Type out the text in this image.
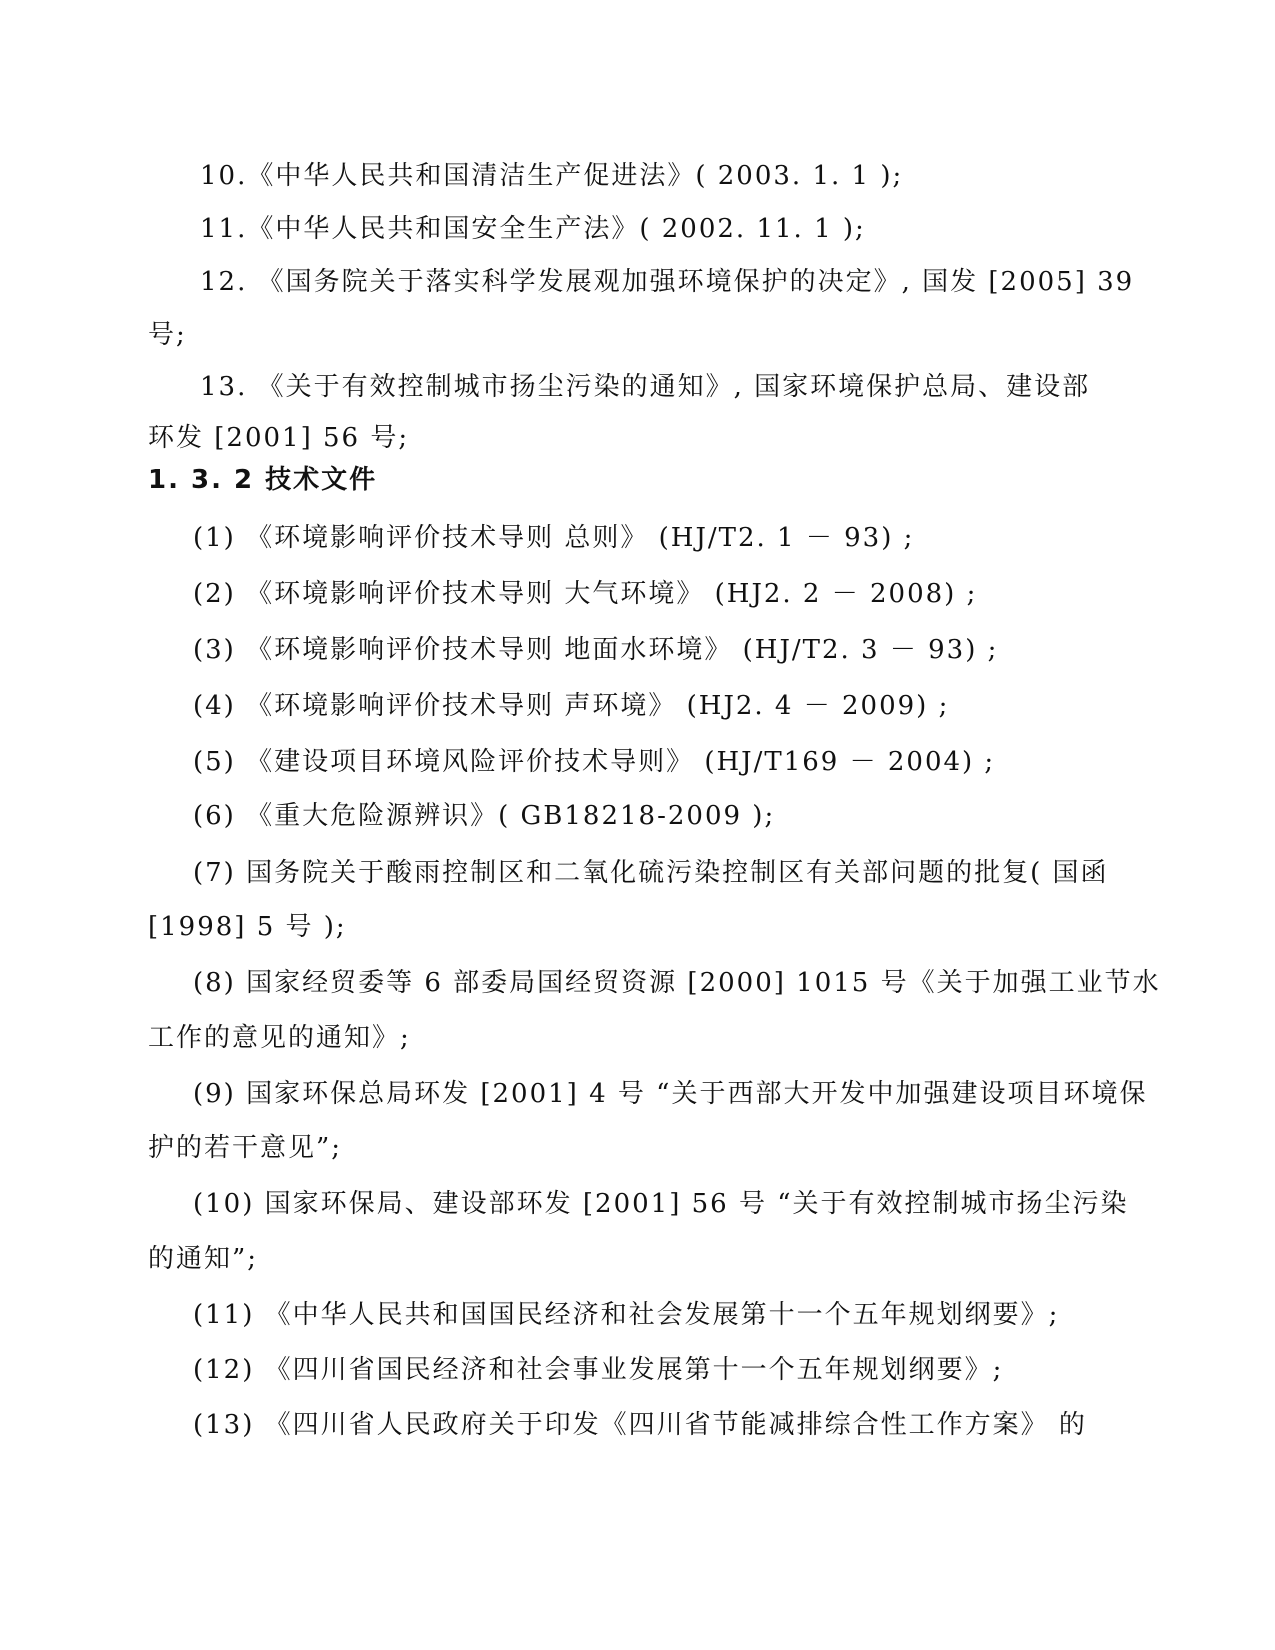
10.《中华人民共和国清洁生产促进法》( 2003. 1. 1 );
11.《中华人民共和国安全生产法》( 2002. 11. 1 );
12. 《国务院关于落实科学发展观加强环境保护的决定》, 国发 [2005] 39
号;
13. 《关于有效控制城市扬尘污染的通知》, 国家环境保护总局、建设部
环发 [2001] 56 号;
1. 3. 2 技术文件
(1) 《环境影响评价技术导则 总则》 (HJ/T2. 1 － 93) ;
(2) 《环境影响评价技术导则 大气环境》 (HJ2. 2 － 2008) ;
(3) 《环境影响评价技术导则 地面水环境》 (HJ/T2. 3 － 93) ;
(4) 《环境影响评价技术导则 声环境》 (HJ2. 4 － 2009) ;
(5) 《建设项目环境风险评价技术导则》 (HJ/T169 － 2004) ;
(6) 《重大危险源辨识》( GB18218-2009 );
(7) 国务院关于酸雨控制区和二氧化硫污染控制区有关部问题的批复( 国函
[1998] 5 号 );
(8) 国家经贸委等 6 部委局国经贸资源 [2000] 1015 号《关于加强工业节水
工作的意见的通知》;
(9) 国家环保总局环发 [2001] 4 号 “关于西部大开发中加强建设项目环境保
护的若干意见”;
(10) 国家环保局、建设部环发 [2001] 56 号 “关于有效控制城市扬尘污染
的通知”;
(11) 《中华人民共和国国民经济和社会发展第十一个五年规划纲要》;
(12) 《四川省国民经济和社会事业发展第十一个五年规划纲要》;
(13) 《四川省人民政府关于印发《四川省节能减排综合性工作方案》 的
